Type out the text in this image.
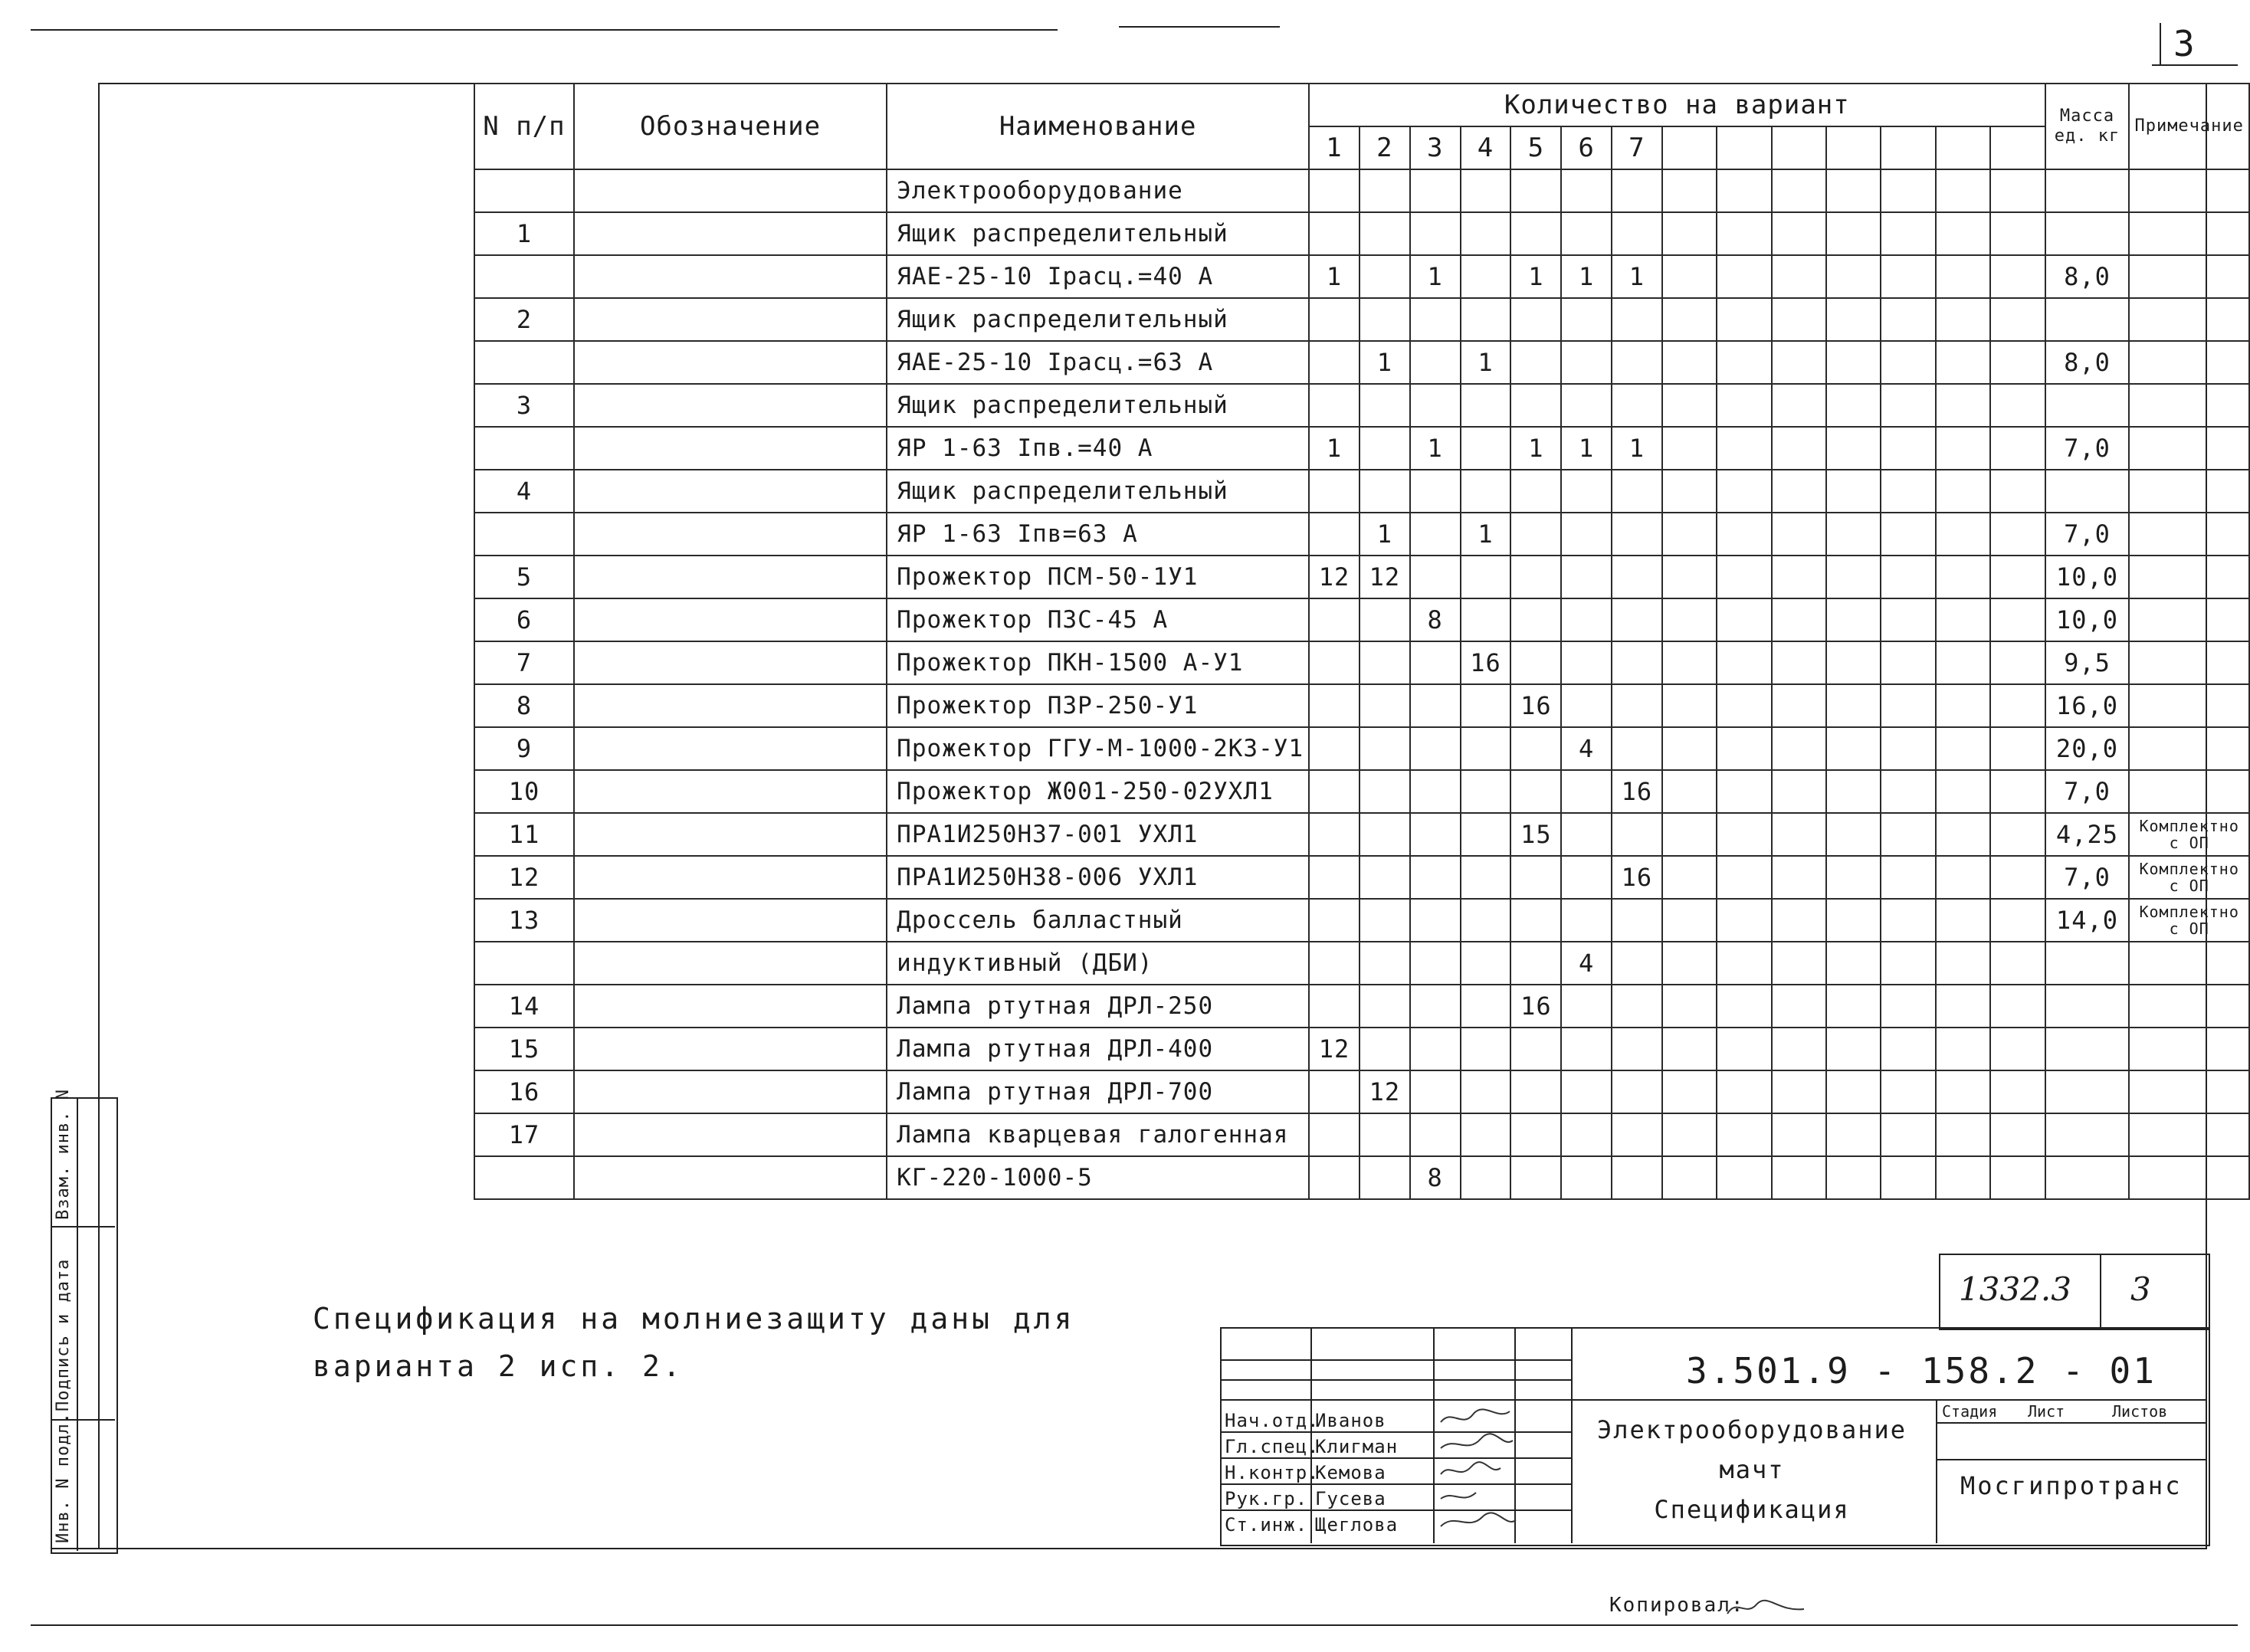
3
N п/п	Обозначение	Наименование	Количество на вариант														Масса ед. кг	Примечание
			1	2	3	4	5	6	7									
		Электрооборудование																
1		Ящик распределительный																
		ЯАЕ-25-10 Iрасц.=40 А	1		1		1	1	1								8,0	
2		Ящик распределительный																
		ЯАЕ-25-10 Iрасц.=63 А		1		1											8,0	
3		Ящик распределительный																
		ЯР 1-63 Iпв.=40 А	1		1		1	1	1								7,0	
4		Ящик распределительный																
		ЯР 1-63 Iпв=63 А		1		1											7,0	
5		Прожектор ПСМ-50-1У1	12	12													10,0	
6		Прожектор ПЗС-45 А			8												10,0	
7		Прожектор ПКН-1500 А-У1				16											9,5	
8		Прожектор ПЗР-250-У1					16										16,0	
9		Прожектор ГГУ-М-1000-2КЗ-У1						4									20,0	
10		Прожектор Ж001-250-02УХЛ1							16								7,0	
11		ПРА1И250Н37-001 УХЛ1					15										4,25	Комплектно с ОП
12		ПРА1И250Н38-006 УХЛ1							16								7,0	Комплектно с ОП
13		Дроссель балластный															14,0	Комплектно с ОП
		индуктивный (ДБИ)						4										
14		Лампа ртутная ДРЛ-250					16											
15		Лампа ртутная ДРЛ-400	12															
16		Лампа ртутная ДРЛ-700		12														
17		Лампа кварцевая галогенная																
		КГ-220-1000-5			8													
Спецификация на молниезащиту даны для
варианта 2 исп. 2.
1332.3 3
3.501.9 - 158.2 - 01
Электрооборудование мачт
Спецификация
Мосгипротранс
Стадия Лист	Листов
Нач.отд.
Иванов
Гл.спец.
Клигман
Н.контр.
Кемова
Рук.гр. Гусева
Ст.инж. Щеглова
Взам. инв. N
Подпись и дата
Инв. N подл.
Копировал:
